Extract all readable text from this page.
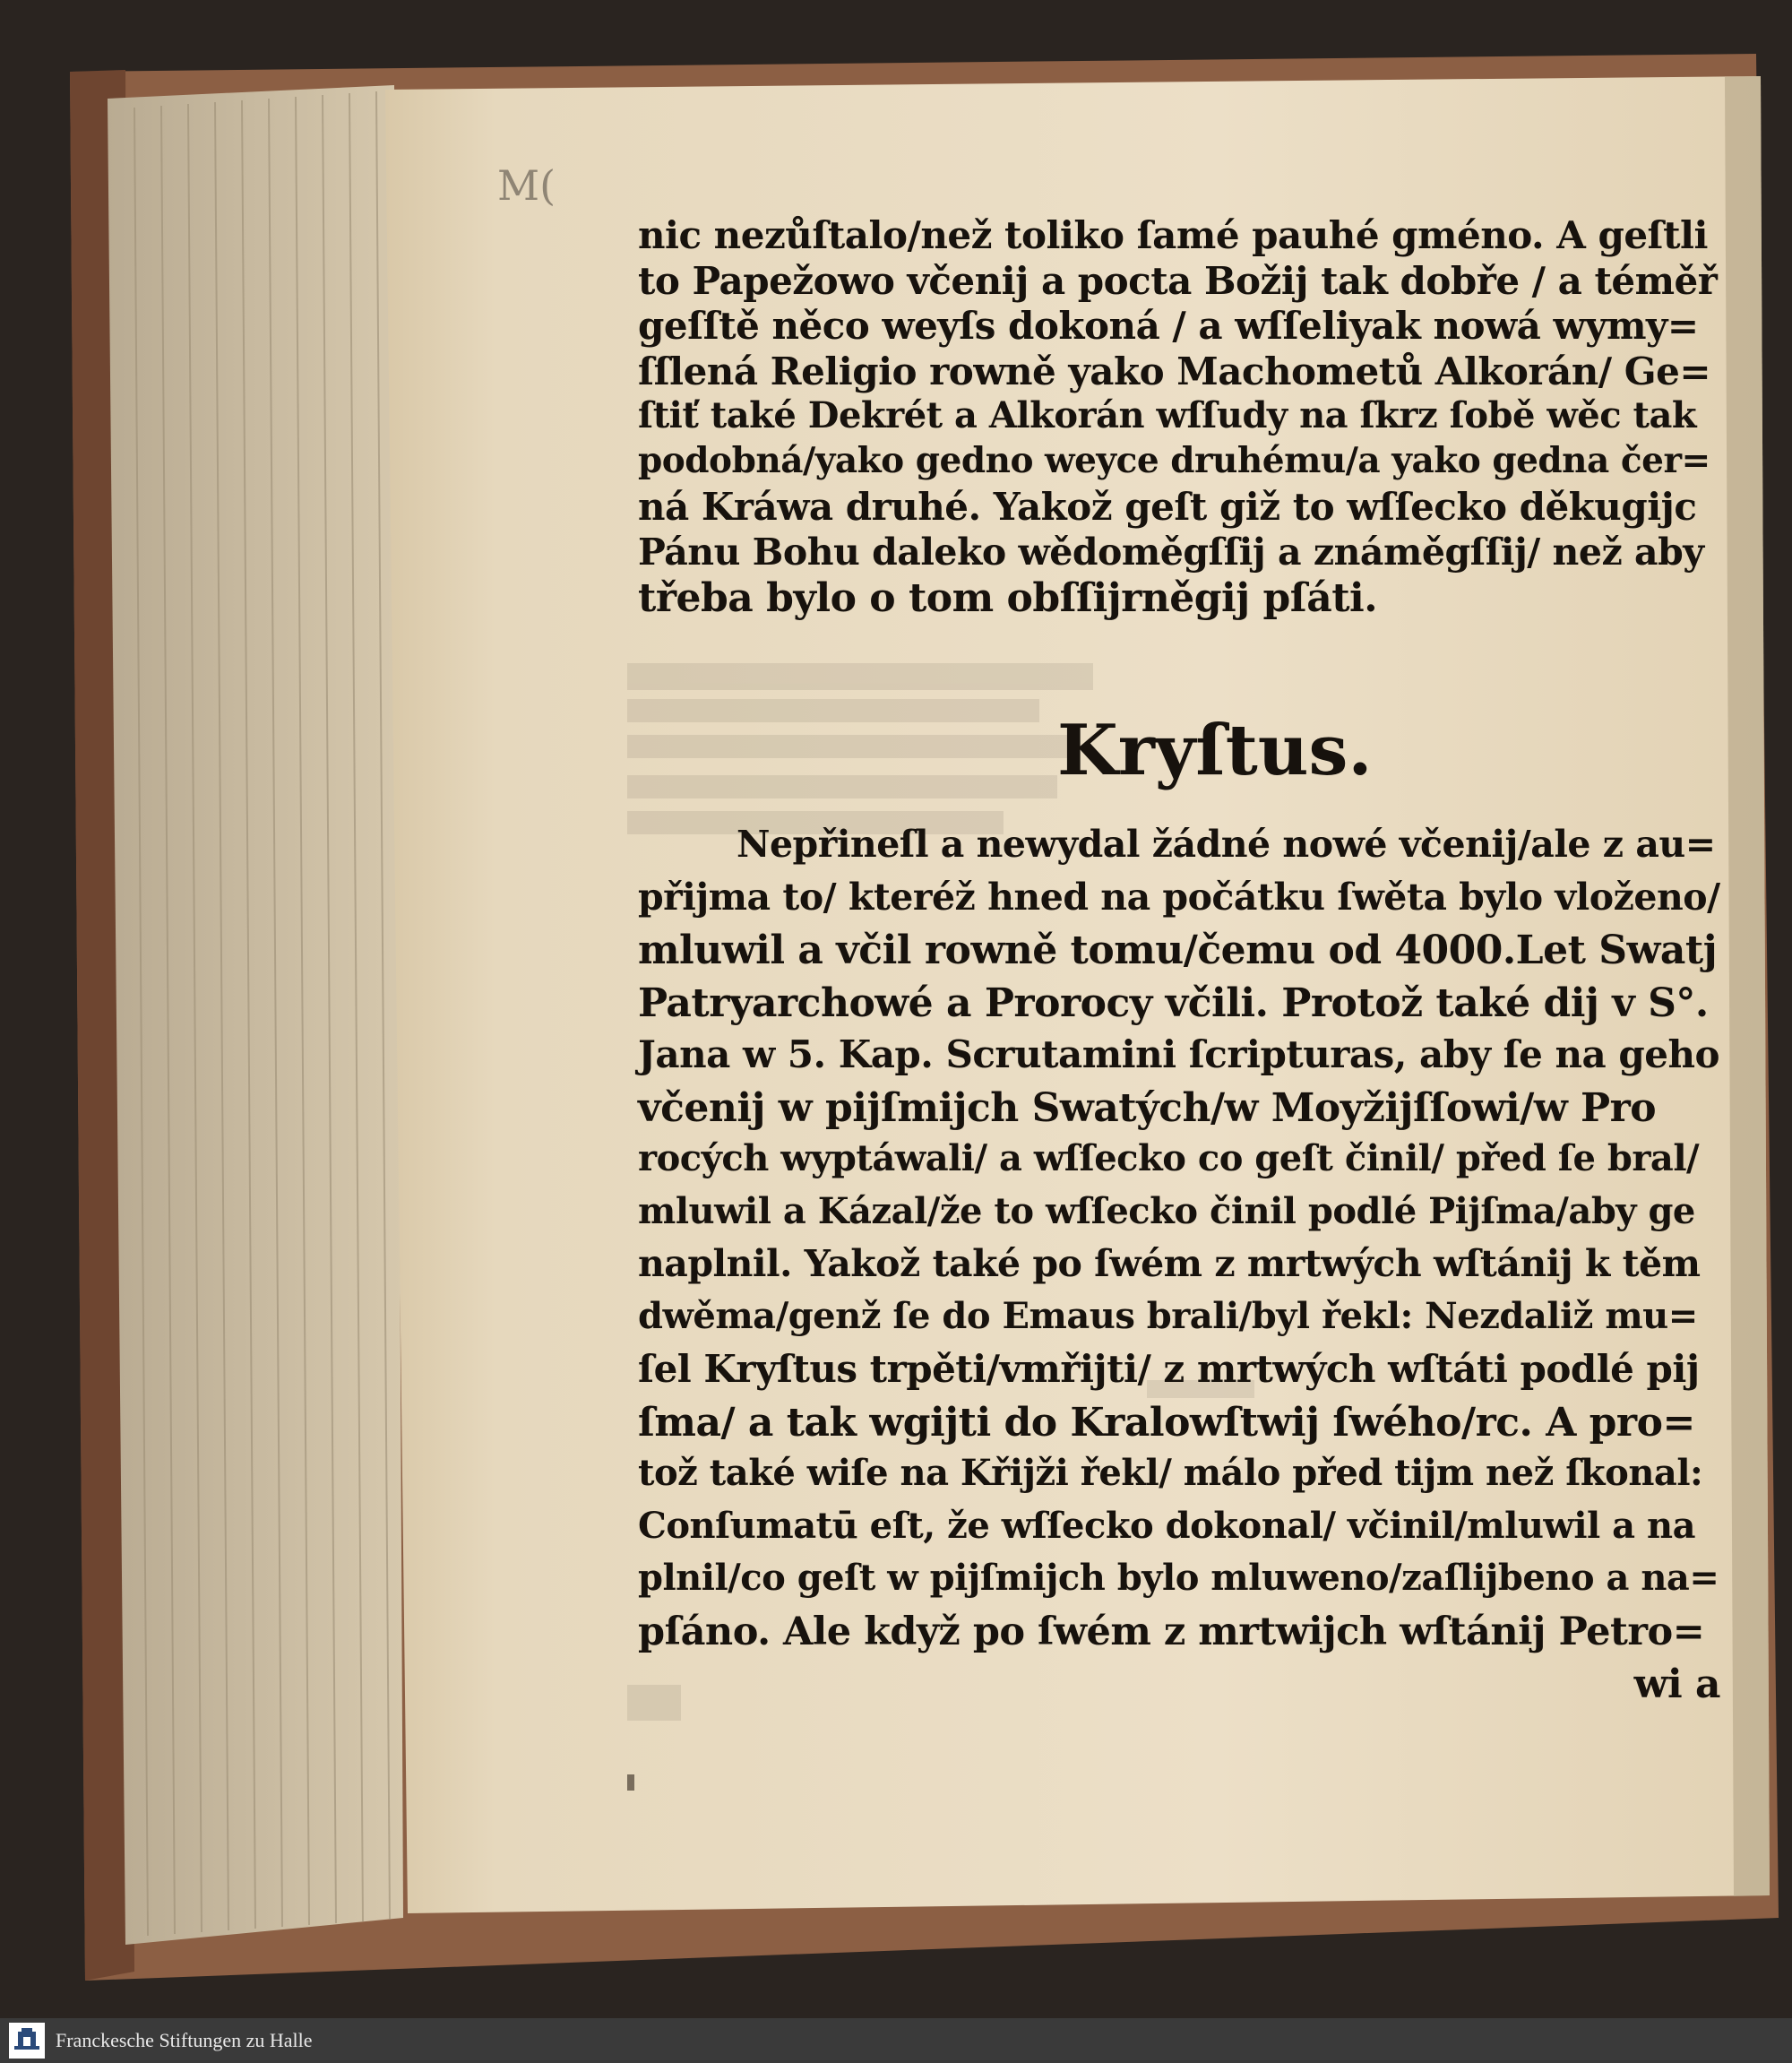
M(
Kryſtus.
nic nezůſtalo/než toliko ſamé pauhé gméno. A geſtli
to Papežowo včenij a pocta Božij tak dobře / a téměř
geſſtě něco weyſs dokoná / a wſſeliyak nowá wymy=
ſſlená Religio rowně yako Machometů Alkorán/ Ge=
ſtiť také Dekrét a Alkorán wſſudy na ſkrz ſobě wěc tak
podobná/yako gedno weyce druhému/a yako gedna čer=
ná Kráwa druhé. Yakož geſt giž to wſſecko děkugijc
Pánu Bohu daleko wědoměgſſij a známěgſſij/ než aby
třeba bylo o tom obſſijrněgij pſáti.
Nepřineſl a newydal žádné nowé včenij/ale z au=
přijma to/ kteréž hned na počátku ſwěta bylo vloženo/
mluwil a včil rowně tomu/čemu od 4000.Let Swatj
Patryarchowé a Prorocy včili. Protož také dij v S°.
Jana w 5. Kap. Scrutamini ſcripturas, aby ſe na geho
včenij w pijſmijch Swatých/w Moyžijſſowi/w Pro
rocých wyptáwali/ a wſſecko co geſt činil/ před ſe bral/
mluwil a Kázal/že to wſſecko činil podlé Pijſma/aby ge
naplnil. Yakož také po ſwém z mrtwých wſtánij k těm
dwěma/genž ſe do Emaus brali/byl řekl: Nezdaliž mu=
ſel Kryſtus trpěti/vmřijti/ z mrtwých wſtáti podlé pij
ſma/ a tak wgijti do Kralowſtwij ſwého/rc. A pro=
tož také wiſe na Křijži řekl/ málo před tijm než ſkonal:
Conſumatū eſt, že wſſecko dokonal/ včinil/mluwil a na
plnil/co geſt w pijſmijch bylo mluweno/zaſlijbeno a na=
pſáno. Ale když po ſwém z mrtwijch wſtánij Petro=
wi a
Franckesche Stiftungen zu Halle
